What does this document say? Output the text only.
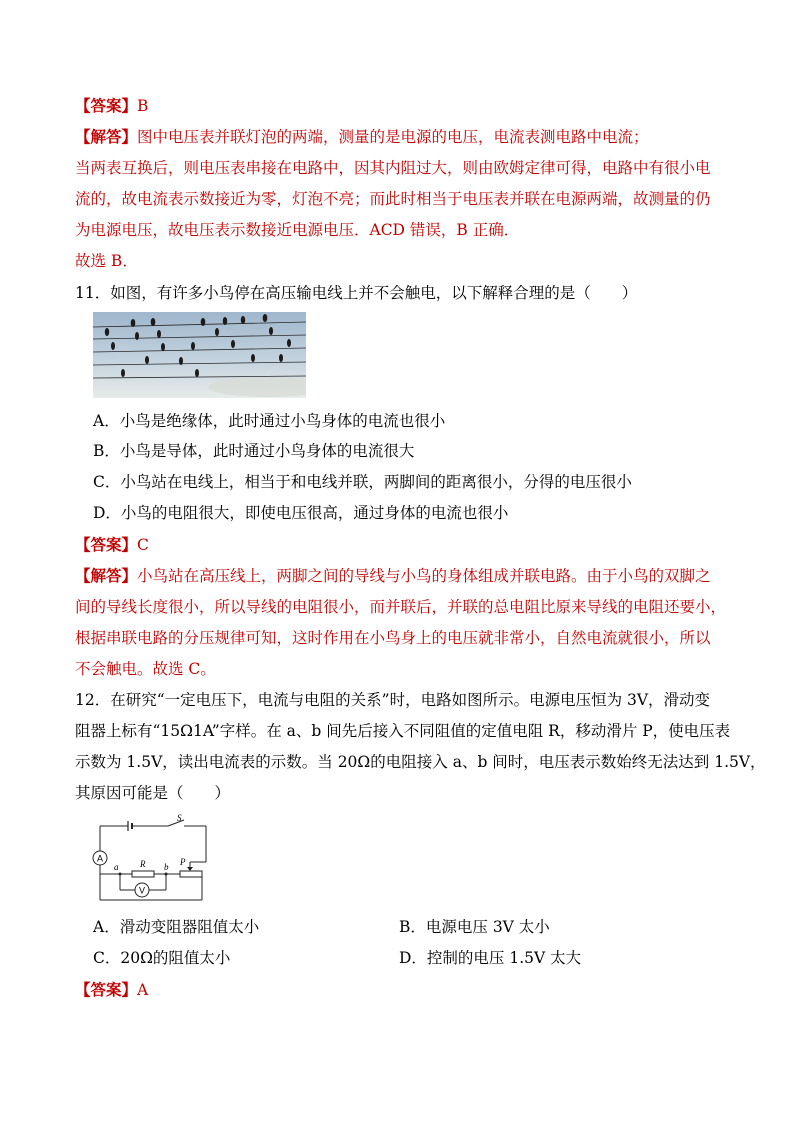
【答案】B
【解答】图中电压表并联灯泡的两端，测量的是电源的电压，电流表测电路中电流；
当两表互换后，则电压表串接在电路中，因其内阻过大，则由欧姆定律可得，电路中有很小电
流的，故电流表示数接近为零，灯泡不亮；而此时相当于电压表并联在电源两端，故测量的仍
为电源电压，故电压表示数接近电源电压．ACD 错误，B 正确．
故选 B．
11．如图，有许多小鸟停在高压输电线上并不会触电，以下解释合理的是（　　）
A．小鸟是绝缘体，此时通过小鸟身体的电流也很小
B．小鸟是导体，此时通过小鸟身体的电流很大
C．小鸟站在电线上，相当于和电线并联，两脚间的距离很小，分得的电压很小
D．小鸟的电阻很大，即使电压很高，通过身体的电流也很小
【答案】C
【解答】小鸟站在高压线上，两脚之间的导线与小鸟的身体组成并联电路。由于小鸟的双脚之
间的导线长度很小，所以导线的电阻很小，而并联后，并联的总电阻比原来导线的电阻还要小，
根据串联电路的分压规律可知，这时作用在小鸟身上的电压就非常小，自然电流就很小，所以
不会触电。故选 C。
12．在研究“一定电压下，电流与电阻的关系”时，电路如图所示。电源电压恒为 3V，滑动变
阻器上标有“15Ω1A”字样。在 a、b 间先后接入不同阻值的定值电阻 R，移动滑片 P，使电压表
示数为 1.5V，读出电流表的示数。当 20Ω的电阻接入 a、b 间时，电压表示数始终无法达到 1.5V，
其原因可能是（　　）
A
V
S
a R b P
A．滑动变阻器阻值太小	B．电源电压 3V 太小
C．20Ω的阻值太小	D．控制的电压 1.5V 太大
【答案】A
